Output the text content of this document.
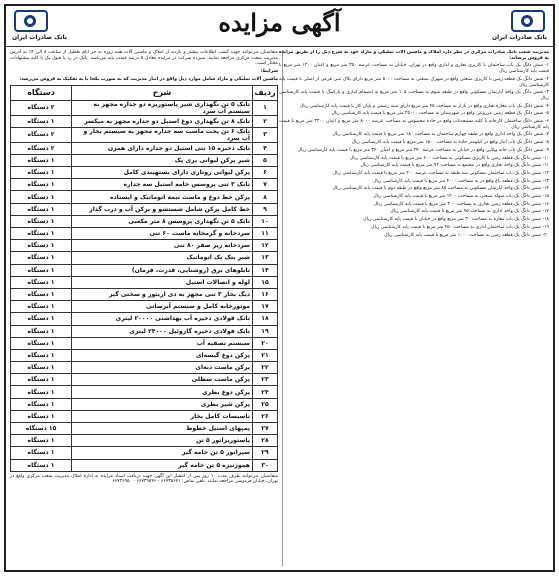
بانک صادرات ایران
آگهی مزایده
بانک صادرات ایران

مدیریت شعب بانک صادرات مرکزی در نظر دارد املاک و ماشین آلات تملیکی و مازاد خود به شرح ذیل را از طریق مزایده به فروش برساند:

۱- شش دانگ یک باب ساختمان با کاربری تجاری و اداری واقع در تهران، خیابان به مساحت عرصه ۳۵۰ متر مربع و اعیان ۱۲۰۰ متر مربع با قیمت پایه کارشناسی ریال

۲- شش دانگ یک قطعه زمین با کاربری صنعتی واقع در شهرک صنعتی به مساحت ۵۰۰۰ متر مربع دارای پلاک ثبتی فرعی از اصلی با قیمت پایه کارشناسی ریال

۳- شش دانگ یک واحد آپارتمان مسکونی واقع در طبقه سوم به مساحت ۱۰۵ متر مربع به انضمام انباری و پارکینگ با قیمت پایه کارشناسی ریال

۴- شش دانگ یک باب مغازه تجاری واقع در بازار به مساحت ۴۵ متر مربع دارای سند رسمی و پایان کار با قیمت پایه کارشناسی ریال

۵- شش دانگ یک قطعه زمین مزروعی واقع در شهرستان به مساحت ۲۵۰۰۰ متر مربع با قیمت پایه کارشناسی ریال

۶- شش دانگ ساختمان کارخانه با کلیه مستحدثات واقع در جاده مخصوص به مساحت عرصه ۸۰۰۰ متر مربع و اعیان ۳۲۰۰ متر مربع با قیمت پایه کارشناسی ریال

۷- شش دانگ یک واحد اداری واقع در طبقه چهارم ساختمان به مساحت ۱۸۰ متر مربع با قیمت پایه کارشناسی ریال

۸- شش دانگ یک باب انبار واقع در کیلومتر جاده به مساحت ۱۵۰۰ متر مربع با قیمت پایه کارشناسی ریال

۹- شش دانگ یک باب خانه ویلایی واقع در خیابان به مساحت عرصه ۲۴۰ متر مربع و اعیان ۳۶۰ متر مربع با قیمت پایه کارشناسی ریال

۱۰- شش دانگ یک قطعه زمین با کاربری مسکونی به مساحت ۶۰۰ متر مربع با قیمت پایه کارشناسی ریال

۱۱- شش دانگ یک واحد تجاری واقع در مجتمع به مساحت ۷۲ متر مربع با قیمت پایه کارشناسی ریال

۱۲- شش دانگ یک باب ساختمان مسکونی سه طبقه به مساحت عرصه ۲۰۰ متر مربع با قیمت پایه کارشناسی ریال

۱۳- شش دانگ یک قطعه باغ واقع در به مساحت ۴۰۰۰ متر مربع با قیمت پایه کارشناسی ریال

۱۴- شش دانگ یک واحد آپارتمان مسکونی به مساحت ۸۵ متر مربع واقع در طبقه دوم با قیمت پایه کارشناسی ریال

۱۵- شش دانگ یک باب سوله صنعتی به مساحت ۱۲۰۰ متر مربع با قیمت پایه کارشناسی ریال

۱۶- شش دانگ یک قطعه زمین تجاری به مساحت ۳۰۰ متر مربع با قیمت پایه کارشناسی ریال

۱۷- شش دانگ یک واحد اداری به مساحت ۹۵ متر مربع با قیمت پایه کارشناسی ریال

۱۸- شش دانگ یک باب مغازه به مساحت ۳۰ متر مربع واقع در خیابان با قیمت پایه کارشناسی ریال

۱۹- شش دانگ یک باب ساختمان اداری به مساحت ۴۵۰ متر مربع با قیمت پایه کارشناسی ریال

۲۰- شش دانگ یک قطعه زمین به مساحت ۱۰۰۰ متر مربع با قیمت پایه کارشناسی ریال

متقاضیان می‌توانند جهت کسب اطلاعات بیشتر و بازدید از املاک و ماشین آلات همه روزه به جز ایام تعطیل از ساعت ۸ الی ۱۴ به آدرس مدیریت شعب مرکزی مراجعه نمایند. سپرده شرکت در مزایده معادل ۵ درصد قیمت پایه می‌باشد. بانک در رد یا قبول یک یا کلیه پیشنهادات مختار است.

شرایط:

ماشین آلات تملیکی و مازاد شامل موارد ذیل واقع در انبار مدیریت که به صورت یکجا یا به تفکیک به فروش می‌رسد:

ردیف	شرح	دستگاه
۱	تانک ۵ تن نگهداری شیر پاستوریزه دو جداره مجهز به سیستم آب سرد	۲ دستگاه
۲	تانک ۸ تن نگهداری دوغ استیل دو جداره مجهز به میکسر	۱ دستگاه
۳	تانک ۶ تن پخت ماست سه جداره مجهز به سیستم بخار و آب سرد	۲ دستگاه
۴	تانک ذخیره ۱۵ تنی استیل دو جداره دارای همزن	۲ دستگاه
۵	شیر پرکن لیوانی پری پک	۱ دستگاه
۶	پرکن لیوانی روتاری دارای بستهبندی کامل	۱ دستگاه
۷	تانک ۳ تنی پروسس خامه استیل سه جداره	۱ دستگاه
۸	پرکن خط دوغ و ماست نیمه اتوماتیک و ایستاده	۱ دستگاه
۹	خط کامل پرکن شامل شستشو و پرکن آب و درب گذار	۱ دستگاه
۱۰	تانک ۵ تن نگهداری پروسس ۸ متر مکعبی	۱ دستگاه
۱۱	سردخانه و گرمخانه ماست ۶۰ تنی	۱ دستگاه
۱۲	سردخانه زیر صفر ۸۰ تنی	۱ دستگاه
۱۳	شیر بنک پک اتوماتیک	۱ دستگاه
۱۴	تابلوهای برق (روشنایی، قدرت، فرمان)	۱ دستگاه
۱۵	لوله و اتصالات استیل	۱ دستگاه
۱۶	دیگ بخار ۳ تنی مجهز به دی اریتور و سختی گیر	۱ دستگاه
۱۷	موتورخانه کامل و سیستم آبرسانی	۱ دستگاه
۱۸	تانک فولادی ذخیره آب بهداشتی ۲۰۰۰۰ لیتری	۱ دستگاه
۱۹	تانک فولادی ذخیره گازوئیل ۲۴۰۰۰ لیتری	۱ دستگاه
۲۰	سیستم تصفیه آب	۱ دستگاه
۲۱	پرکن دوغ گیسه‌ای	۱ دستگاه
۲۲	پرکن ماست دبه‌ای	۱ دستگاه
۲۳	پرکن ماست سطلی	۱ دستگاه
۲۴	پرکن دوغ بطری	۱ دستگاه
۲۵	پرکن شیر بطری	۱ دستگاه
۲۶	تاسیسات کامل بخار	۱ دستگاه
۲۷	پمپهای استیل خطوط	۱۵ دستگاه
۲۸	پاستوریزاتور ۵ تن	۱ دستگاه
۲۹	سپراتور ۵ تن خامه گیر	۱ دستگاه
۳۰	هموژنیزه ۵ تن خامه گیر	۱ دستگاه

متقاضیان می‌توانند ظرف مدت ۱۰ روز پس از انتشار این آگهی جهت دریافت اسناد مزایده به اداره املاک مدیریت شعب مرکزی واقع در تهران، خیابان فردوسی مراجعه نمایند. تلفن تماس: ۶۶۷۳۵۶۷۱ - ۶۶۷۳۹۸۴۶ - ۶۶۷۳۶۹۵۰
